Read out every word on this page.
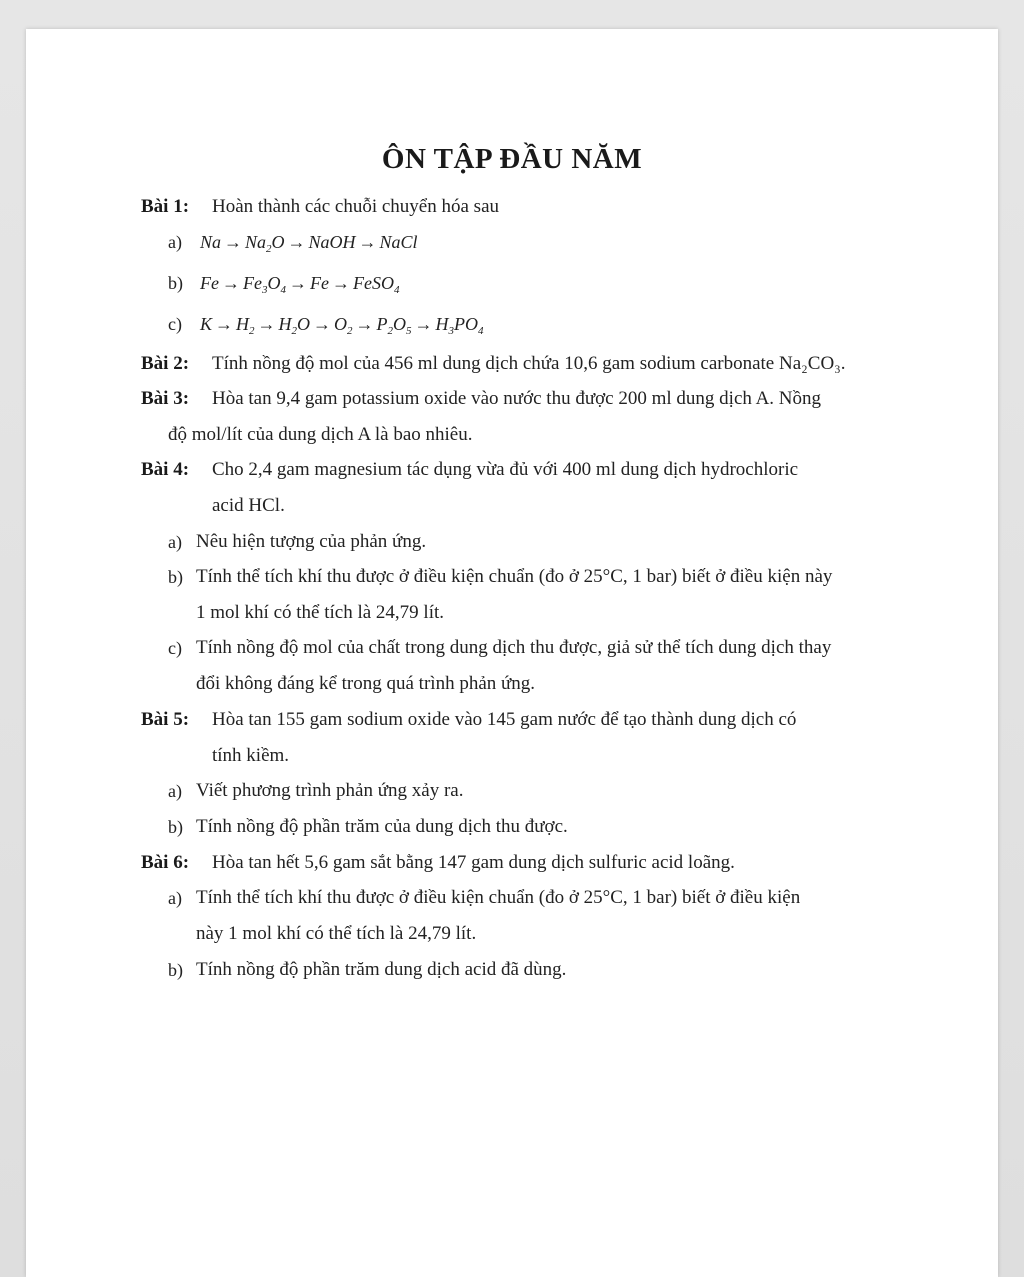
ÔN TẬP ĐẦU NĂM
Bài 1: Hoàn thành các chuỗi chuyển hóa sau
a) $Na \to Na_2O$ → NaOH → NaCl
b) $Fe \to Fe_3O_4 \to Fe$ → FeSO$_4$
c) $K \to H_2 \to H_2O \to O_2 \to P_2O_5 \to H_3PO_4$
Bài 2: Tính nồng độ mol của 456 ml dung dịch chứa 10,6 gam sodium carbonate Na₂CO₃.
Bài 3: Hòa tan 9,4 gam potassium oxide vào nước thu được 200 ml dung dịch A. Nồng
độ mol/lít của dung dịch A là bao nhiêu.
Bài 4: Cho 2,4 gam magnesium tác dụng vừa đủ với 400 ml dung dịch hydrochloric
acid HCl.
a) Nêu hiện tượng của phản ứng.
b) Tính thể tích khí thu được ở điều kiện chuẩn (đo ở 25°C, 1 bar) biết ở điều kiện này
1 mol khí có thể tích là 24,79 lít.
c) Tính nồng độ mol của chất trong dung dịch thu được, giả sử thể tích dung dịch thay
đổi không đáng kể trong quá trình phản ứng.
Bài 5: Hòa tan 155 gam sodium oxide vào 145 gam nước để tạo thành dung dịch có
tính kiềm.
a) Viết phương trình phản ứng xảy ra.
b) Tính nồng độ phần trăm của dung dịch thu được.
Bài 6: Hòa tan hết 5,6 gam sắt bằng 147 gam dung dịch sulfuric acid loãng.
a) Tính thể tích khí thu được ở điều kiện chuẩn (đo ở 25°C, 1 bar) biết ở điều kiện
này 1 mol khí có thể tích là 24,79 lít.
b) Tính nồng độ phần trăm dung dịch acid đã dùng.
